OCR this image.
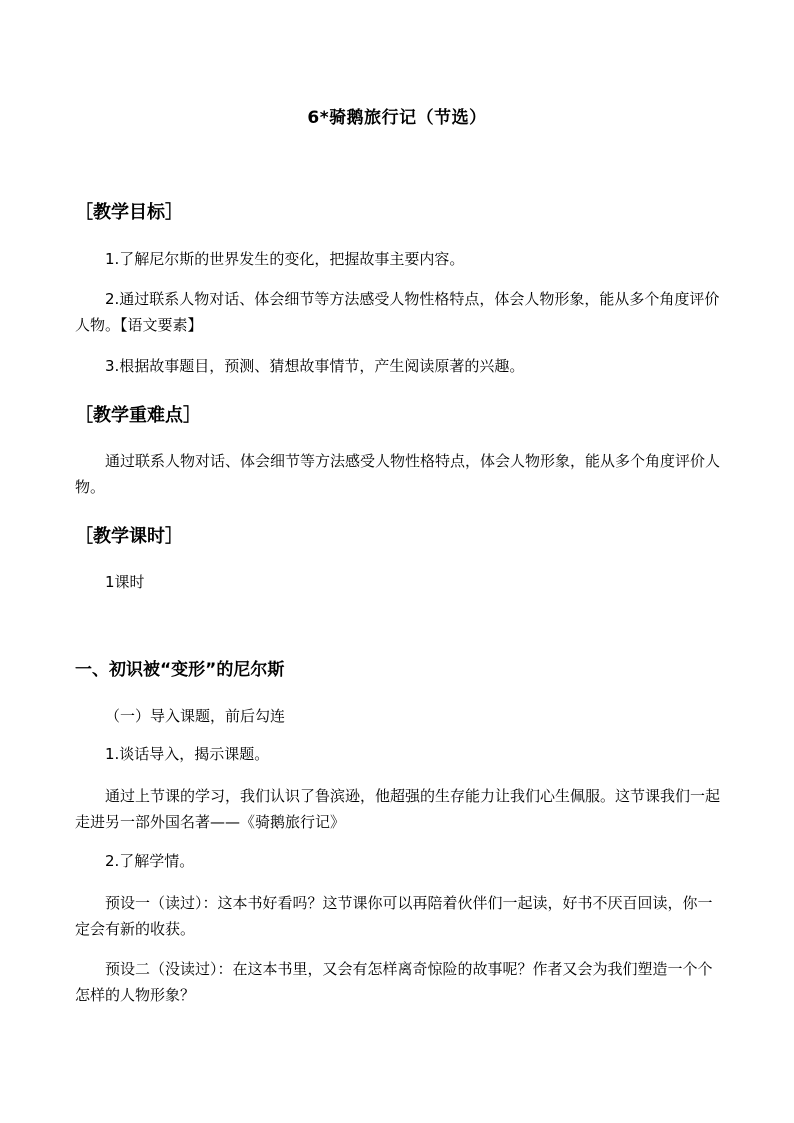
6*骑鹅旅行记（节选）
［教学目标］
1.了解尼尔斯的世界发生的变化，把握故事主要内容。
2.通过联系人物对话、体会细节等方法感受人物性格特点，体会人物形象，能从多个角度评价人物。【语文要素】
3.根据故事题目，预测、猜想故事情节，产生阅读原著的兴趣。
［教学重难点］
通过联系人物对话、体会细节等方法感受人物性格特点，体会人物形象，能从多个角度评价人物。
［教学课时］
1课时
一、初识被“变形”的尼尔斯
（一）导入课题，前后勾连
1.谈话导入，揭示课题。
通过上节课的学习，我们认识了鲁滨逊，他超强的生存能力让我们心生佩服。这节课我们一起走进另一部外国名著——《骑鹅旅行记》
2.了解学情。
预设一（读过）：这本书好看吗？这节课你可以再陪着伙伴们一起读，好书不厌百回读，你一定会有新的收获。
预设二（没读过）：在这本书里，又会有怎样离奇惊险的故事呢？作者又会为我们塑造一个个怎样的人物形象？
